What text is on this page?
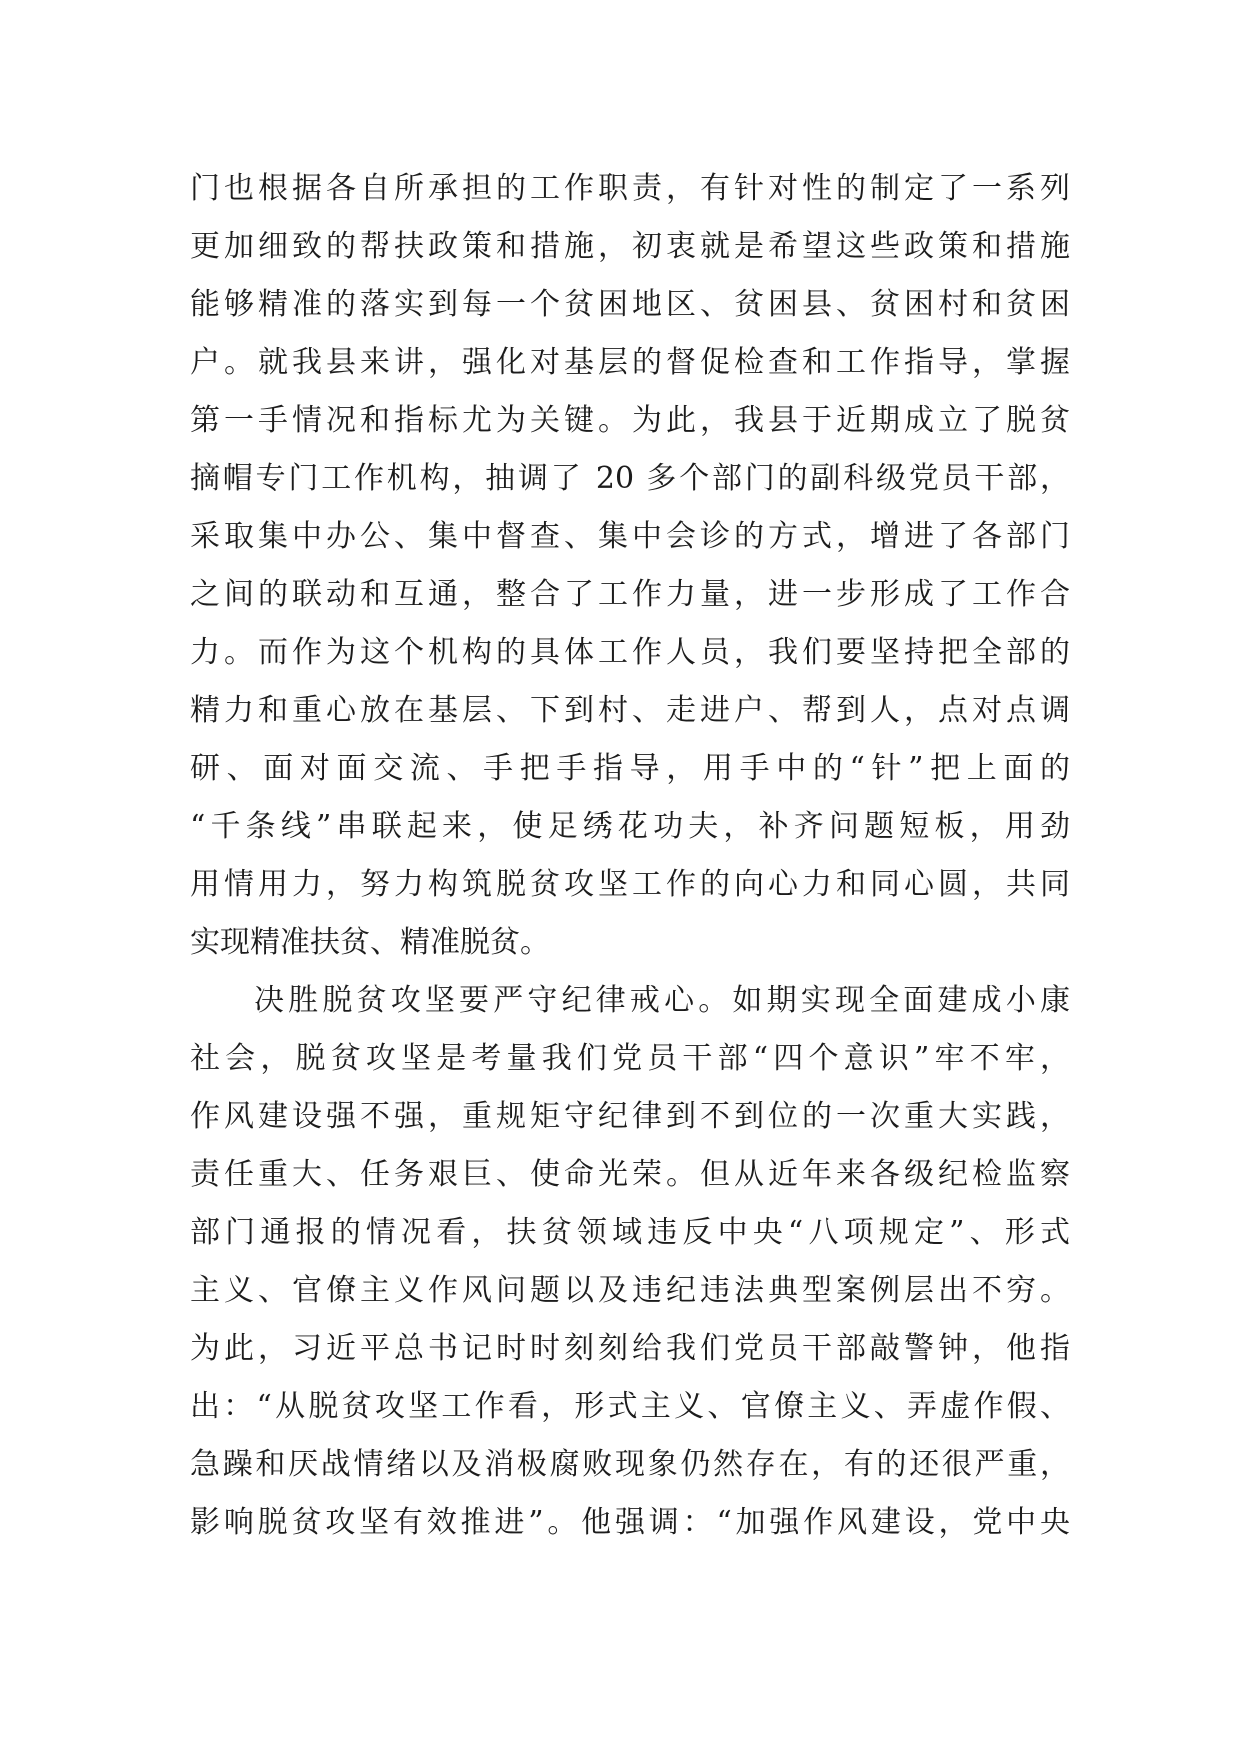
门也根据各自所承担的工作职责，有针对性的制定了一系列
更加细致的帮扶政策和措施，初衷就是希望这些政策和措施
能够精准的落实到每一个贫困地区、贫困县、贫困村和贫困
户。就我县来讲，强化对基层的督促检查和工作指导，掌握
第一手情况和指标尤为关键。为此，我县于近期成立了脱贫
摘帽专门工作机构，抽调了 20 多个部门的副科级党员干部，
采取集中办公、集中督查、集中会诊的方式，增进了各部门
之间的联动和互通，整合了工作力量，进一步形成了工作合
力。而作为这个机构的具体工作人员，我们要坚持把全部的
精力和重心放在基层、下到村、走进户、帮到人，点对点调
研、面对面交流、手把手指导，用手中的“针”把上面的
“千条线”串联起来，使足绣花功夫，补齐问题短板，用劲
用情用力，努力构筑脱贫攻坚工作的向心力和同心圆，共同
实现精准扶贫、精准脱贫。
决胜脱贫攻坚要严守纪律戒心。如期实现全面建成小康
社会，脱贫攻坚是考量我们党员干部“四个意识”牢不牢，
作风建设强不强，重规矩守纪律到不到位的一次重大实践，
责任重大、任务艰巨、使命光荣。但从近年来各级纪检监察
部门通报的情况看，扶贫领域违反中央“八项规定”、形式
主义、官僚主义作风问题以及违纪违法典型案例层出不穷。
为此，习近平总书记时时刻刻给我们党员干部敲警钟，他指
出：“从脱贫攻坚工作看，形式主义、官僚主义、弄虚作假、
急躁和厌战情绪以及消极腐败现象仍然存在，有的还很严重，
影响脱贫攻坚有效推进”。他强调：“加强作风建设，党中央
